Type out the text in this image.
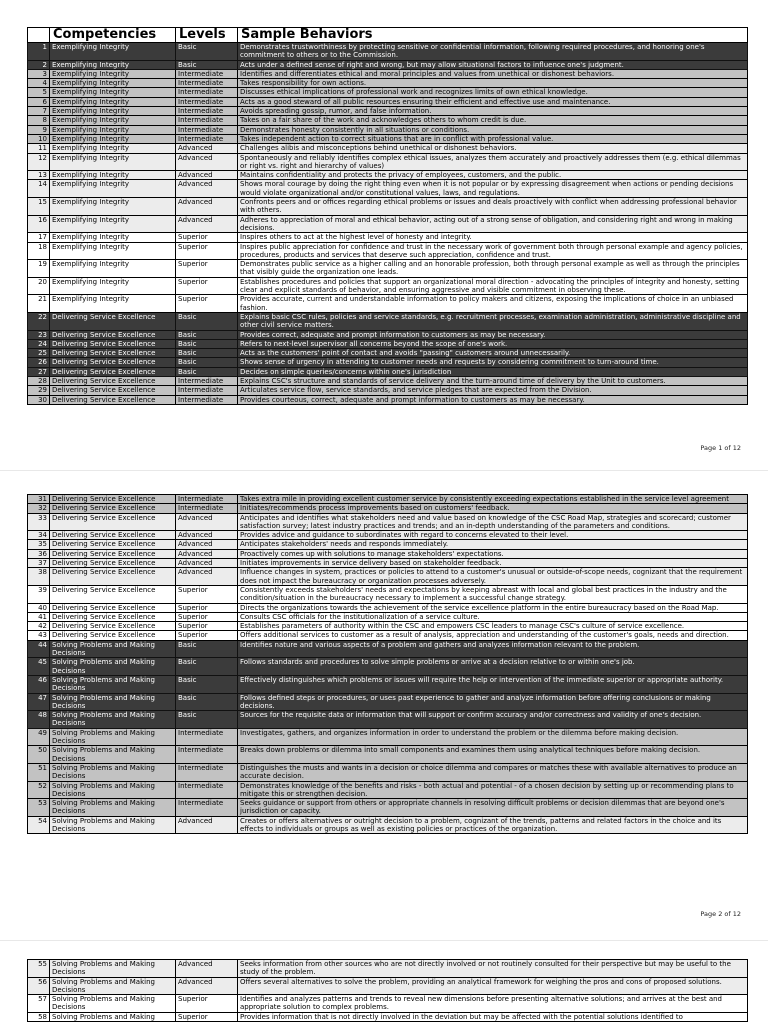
	Competencies	Levels	Sample Behaviors
1	Exemplifying Integrity	Basic	Demonstrates trustworthiness by protecting sensitive or confidential information, following required procedures, and honoring one's commitment to others or to the Commission.
2	Exemplifying Integrity	Basic	Acts under a defined sense of right and wrong, but may allow situational factors to influence one's judgment.
3	Exemplifying Integrity	Intermediate	Identifies and differentiates ethical and moral principles and values from unethical or dishonest behaviors.
4	Exemplifying Integrity	Intermediate	Takes responsibility for own actions.
5	Exemplifying Integrity	Intermediate	Discusses ethical implications of professional work and recognizes limits of own ethical knowledge.
6	Exemplifying Integrity	Intermediate	Acts as a good steward of all public resources ensuring their efficient and effective use and maintenance.
7	Exemplifying Integrity	Intermediate	Avoids spreading gossip, rumor, and false information.
8	Exemplifying Integrity	Intermediate	Takes on a fair share of the work and acknowledges others to whom credit is due.
9	Exemplifying Integrity	Intermediate	Demonstrates honesty consistently in all situations or conditions.
10	Exemplifying Integrity	Intermediate	Takes independent action to correct situations that are in conflict with professional value.
11	Exemplifying Integrity	Advanced	Challenges alibis and misconceptions behind unethical or dishonest behaviors.
12	Exemplifying Integrity	Advanced	Spontaneously and reliably identifies complex ethical issues, analyzes them accurately and proactively addresses them (e.g. ethical dilemmas or right vs. right and hierarchy of values)
13	Exemplifying Integrity	Advanced	Maintains confidentiality and protects the privacy of employees, customers, and the public.
14	Exemplifying Integrity	Advanced	Shows moral courage by doing the right thing even when it is not popular or by expressing disagreement when actions or pending decisions would violate organizational and/or constitutional values, laws, and regulations.
15	Exemplifying Integrity	Advanced	Confronts peers and or offices regarding ethical problems or issues and deals proactively with conflict when addressing professional behavior with others.
16	Exemplifying Integrity	Advanced	Adheres to appreciation of moral and ethical behavior, acting out of a strong sense of obligation, and considering right and wrong in making decisions.
17	Exemplifying Integrity	Superior	Inspires others to act at the highest level of honesty and integrity.
18	Exemplifying Integrity	Superior	Inspires public appreciation for confidence and trust in the necessary work of government both through personal example and agency policies, procedures, products and services that deserve such appreciation, confidence and trust.
19	Exemplifying Integrity	Superior	Demonstrates public service as a higher calling and an honorable profession, both through personal example as well as through the principles that visibly guide the organization one leads.
20	Exemplifying Integrity	Superior	Establishes procedures and policies that support an organizational moral direction - advocating the principles of integrity and honesty, setting clear and explicit standards of behavior, and ensuring aggressive and visible commitment in observing these.
21	Exemplifying Integrity	Superior	Provides accurate, current and understandable information to policy makers and citizens, exposing the implications of choice in an unbiased fashion.
22	Delivering Service Excellence	Basic	Explains basic CSC rules, policies and service standards, e.g. recruitment processes, examination administration, administrative discipline and other civil service matters.
23	Delivering Service Excellence	Basic	Provides correct, adequate and prompt information to customers as may be necessary.
24	Delivering Service Excellence	Basic	Refers to next-level supervisor all concerns beyond the scope of one's work.
25	Delivering Service Excellence	Basic	Acts as the customers' point of contact and avoids "passing" customers around unnecessarily.
26	Delivering Service Excellence	Basic	Shows sense of urgency in attending to customer needs and requests by considering commitment to turn-around time.
27	Delivering Service Excellence	Basic	Decides on simple queries/concerns within one's jurisdiction
28	Delivering Service Excellence	Intermediate	Explains CSC's structure and standards of service delivery and the turn-around time of delivery by the Unit to customers.
29	Delivering Service Excellence	Intermediate	Articulates service flow, service standards, and service pledges that are expected from the Division.
30	Delivering Service Excellence	Intermediate	Provides courteous, correct, adequate and prompt information to customers as may be necessary.
Page 1 of 12
31	Delivering Service Excellence	Intermediate	Takes extra mile in providing excellent customer service by consistently exceeding expectations established in the service level agreement
32	Delivering Service Excellence	Intermediate	Initiates/recommends process improvements based on customers' feedback.
33	Delivering Service Excellence	Advanced	Anticipates and identifies what stakeholders need and value based on knowledge of the CSC Road Map, strategies and scorecard; customer satisfaction survey; latest industry practices and trends; and an in-depth understanding of the parameters and conditions.
34	Delivering Service Excellence	Advanced	Provides advice and guidance to subordinates with regard to concerns elevated to their level.
35	Delivering Service Excellence	Advanced	Anticipates stakeholders' needs and responds immediately.
36	Delivering Service Excellence	Advanced	Proactively comes up with solutions to manage stakeholders' expectations.
37	Delivering Service Excellence	Advanced	Initiates improvements in service delivery based on stakeholder feedback.
38	Delivering Service Excellence	Advanced	Influence changes in system, practices or policies to attend to a customer's unusual or outside-of-scope needs, cognizant that the requirement does not impact the bureaucracy or organization processes adversely.
39	Delivering Service Excellence	Superior	Consistently exceeds stakeholders' needs and expectations by keeping abreast with local and global best practices in the industry and the condition/situation in the bureaucracy necessary to implement a successful change strategy.
40	Delivering Service Excellence	Superior	Directs the organizations towards the achievement of the service excellence platform in the entire bureaucracy based on the Road Map.
41	Delivering Service Excellence	Superior	Consults CSC officials for the institutionalization of a service culture.
42	Delivering Service Excellence	Superior	Establishes parameters of authority within the CSC and empowers CSC leaders to manage CSC's culture of service excellence.
43	Delivering Service Excellence	Superior	Offers additional services to customer as a result of analysis, appreciation and understanding of the customer's goals, needs and direction.
44	Solving Problems and Making Decisions	Basic	Identifies nature and various aspects of a problem and gathers and analyzes information relevant to the problem.
45	Solving Problems and Making Decisions	Basic	Follows standards and procedures to solve simple problems or arrive at a decision relative to or within one's job.
46	Solving Problems and Making Decisions	Basic	Effectively distinguishes which problems or issues will require the help or intervention of the immediate superior or appropriate authority.
47	Solving Problems and Making Decisions	Basic	Follows defined steps or procedures, or uses past experience to gather and analyze information before offering conclusions or making decisions.
48	Solving Problems and Making Decisions	Basic	Sources for the requisite data or information that will support or confirm accuracy and/or correctness and validity of one's decision.
49	Solving Problems and Making Decisions	Intermediate	Investigates, gathers, and organizes information in order to understand the problem or the dilemma before making decision.
50	Solving Problems and Making Decisions	Intermediate	Breaks down problems or dilemma into small components and examines them using analytical techniques before making decision.
51	Solving Problems and Making Decisions	Intermediate	Distinguishes the musts and wants in a decision or choice dilemma and compares or matches these with available alternatives to produce an accurate decision.
52	Solving Problems and Making Decisions	Intermediate	Demonstrates knowledge of the benefits and risks - both actual and potential - of a chosen decision by setting up or recommending plans to mitigate this or strengthen decision.
53	Solving Problems and Making Decisions	Intermediate	Seeks guidance or support from others or appropriate channels in resolving difficult problems or decision dilemmas that are beyond one's jurisdiction or capacity.
54	Solving Problems and Making Decisions	Advanced	Creates or offers alternatives or outright decision to a problem, cognizant of the trends, patterns and related factors in the choice and its effects to individuals or groups as well as existing policies or practices of the organization.
Page 2 of 12
55	Solving Problems and Making Decisions	Advanced	Seeks information from other sources who are not directly involved or not routinely consulted for their perspective but may be useful to the study of the problem.
56	Solving Problems and Making Decisions	Advanced	Offers several alternatives to solve the problem, providing an analytical framework for weighing the pros and cons of proposed solutions.
57	Solving Problems and Making Decisions	Superior	Identifies and analyzes patterns and trends to reveal new dimensions before presenting alternative solutions; and arrives at the best and appropriate solution to complex problems.
58	Solving Problems and Making	Superior	Provides information that is not directly involved in the deviation but may be affected with the potential solutions identified to
